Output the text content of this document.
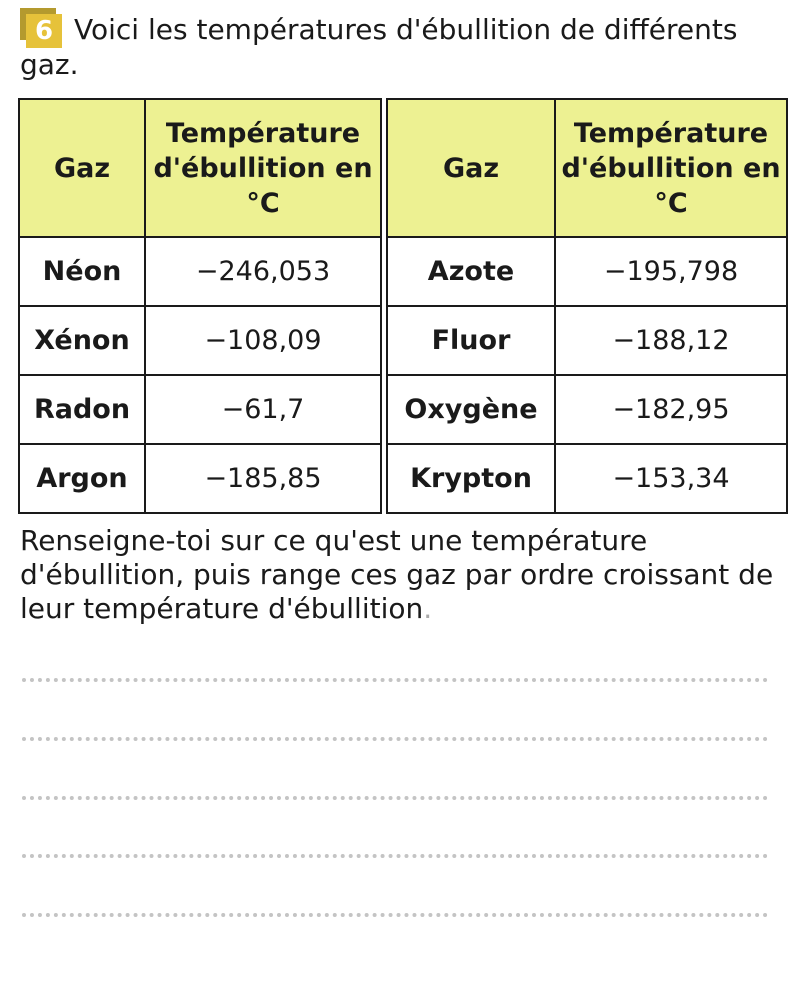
6 Voici les températures d'ébullition de différents gaz.

Gaz	Température d'ébullition en °C
Néon	−246,053
Xénon	−108,09
Radon	−61,7
Argon	−185,85
Gaz	Température d'ébullition en °C
Azote	−195,798
Fluor	−188,12
Oxygène	−182,95
Krypton	−153,34

Renseigne-toi sur ce qu'est une température d'ébullition, puis range ces gaz par ordre croissant de leur température d'ébullition.
